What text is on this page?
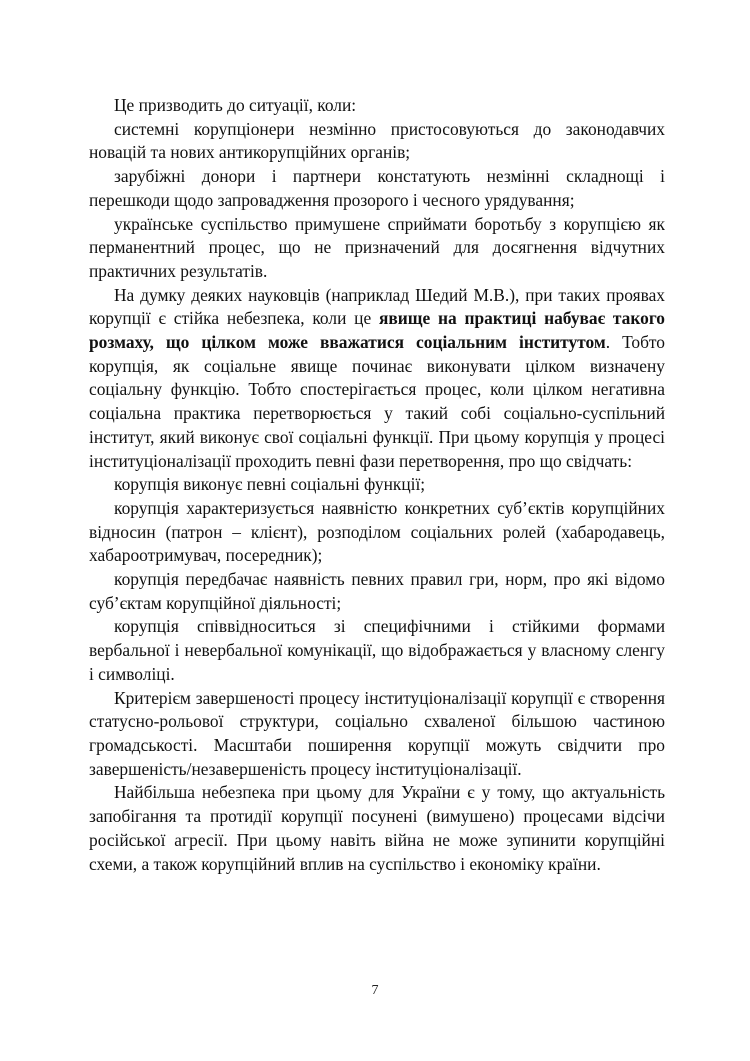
Це призводить до ситуації, коли:

системні корупціонери незмінно пристосовуються до законодавчих новацій та нових антикорупційних органів;

зарубіжні донори і партнери констатують незмінні складнощі і перешкоди щодо запровадження прозорого і чесного урядування;

українське суспільство примушене сприймати боротьбу з корупцією як перманентний процес, що не призначений для досягнення відчутних практичних результатів.

На думку деяких науковців (наприклад Шедий М.В.), при таких проявах корупції є стійка небезпека, коли це явище на практиці набуває такого розмаху, що цілком може вважатися соціальним інститутом. Тобто корупція, як соціальне явище починає виконувати цілком визначену соціальну функцію. Тобто спостерігається процес, коли цілком негативна соціальна практика перетворюється у такий собі соціально-суспільний інститут, який виконує свої соціальні функції. При цьому корупція у процесі інституціоналізації проходить певні фази перетворення, про що свідчать:

корупція виконує певні соціальні функції;

корупція характеризується наявністю конкретних суб’єктів корупційних відносин (патрон – клієнт), розподілом соціальних ролей (хабародавець, хабароотримувач, посередник);

корупція передбачає наявність певних правил гри, норм, про які відомо суб’єктам корупційної діяльності;

корупція співвідноситься зі специфічними і стійкими формами вербальної і невербальної комунікації, що відображається у власному сленгу і символіці.

Критерієм завершеності процесу інституціоналізації корупції є створення статусно-рольової структури, соціально схваленої більшою частиною громадськості. Масштаби поширення корупції можуть свідчити про завершеність/незавершеність процесу інституціоналізації.

Найбільша небезпека при цьому для України є у тому, що актуальність запобігання та протидії корупції посунені (вимушено) процесами відсічи російської агресії. При цьому навіть війна не може зупинити корупційні схеми, а також корупційний вплив на суспільство і економіку країни.

7
